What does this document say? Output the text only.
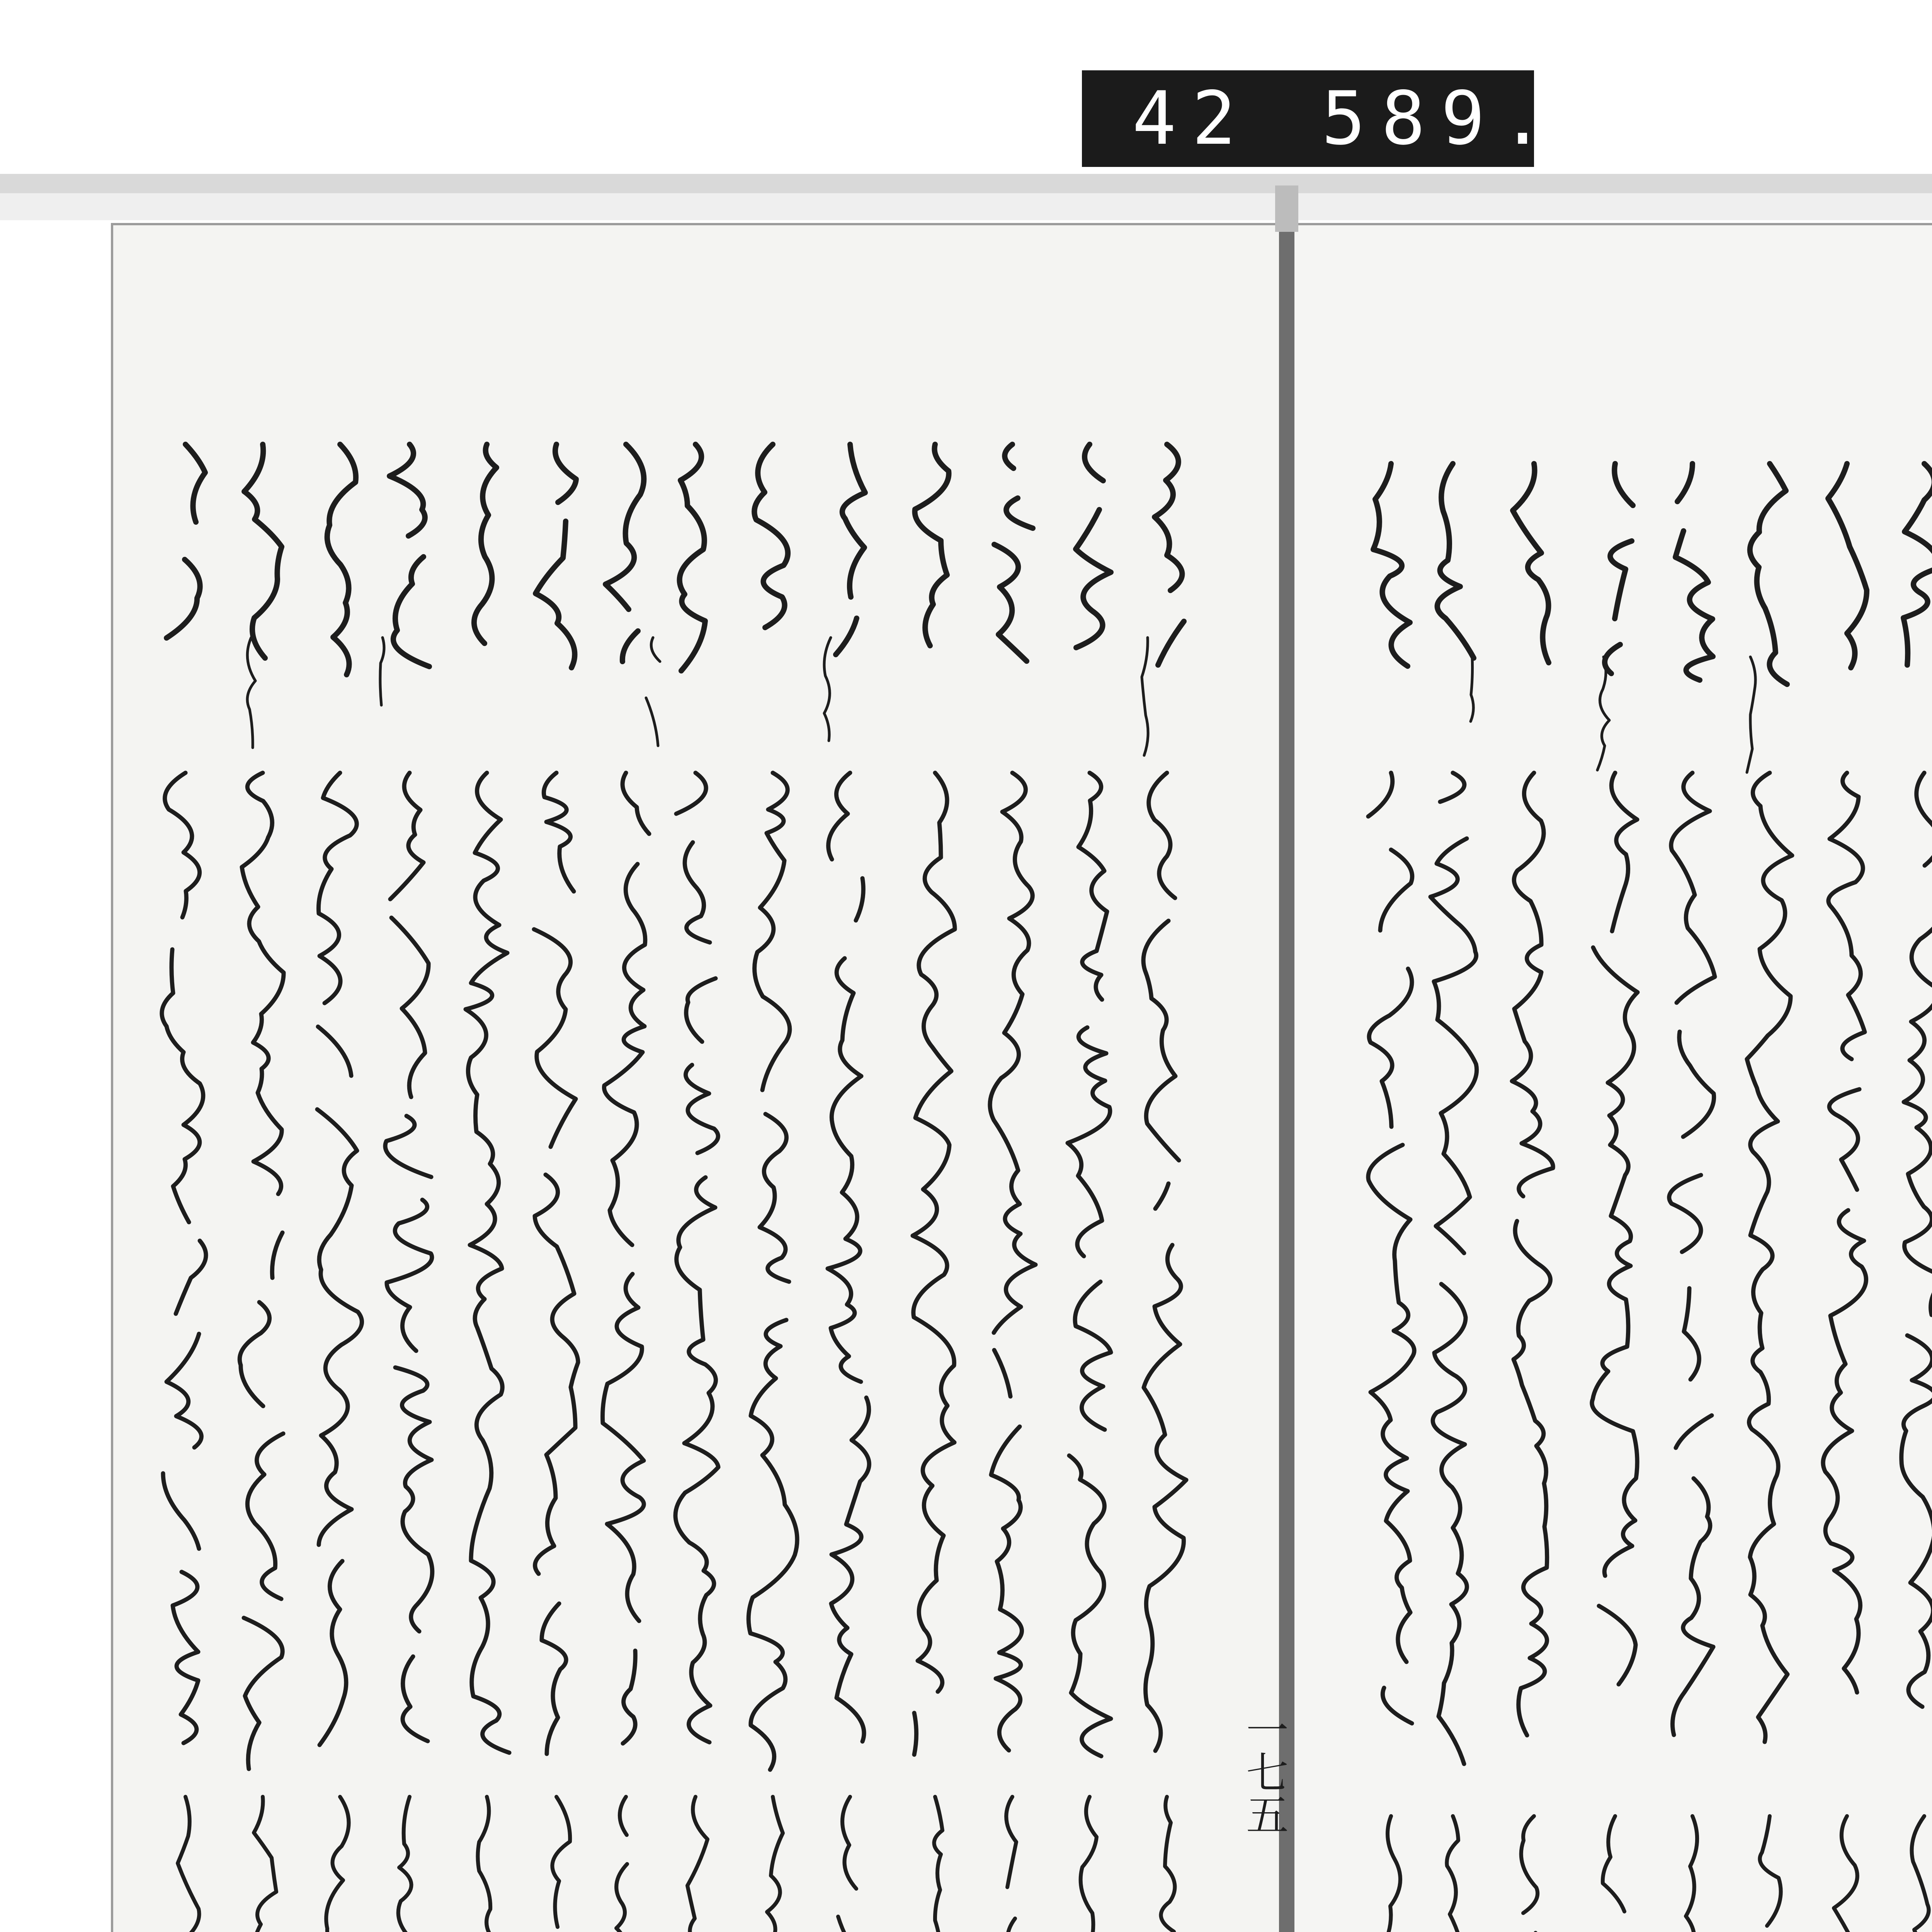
42 589.
一七五
